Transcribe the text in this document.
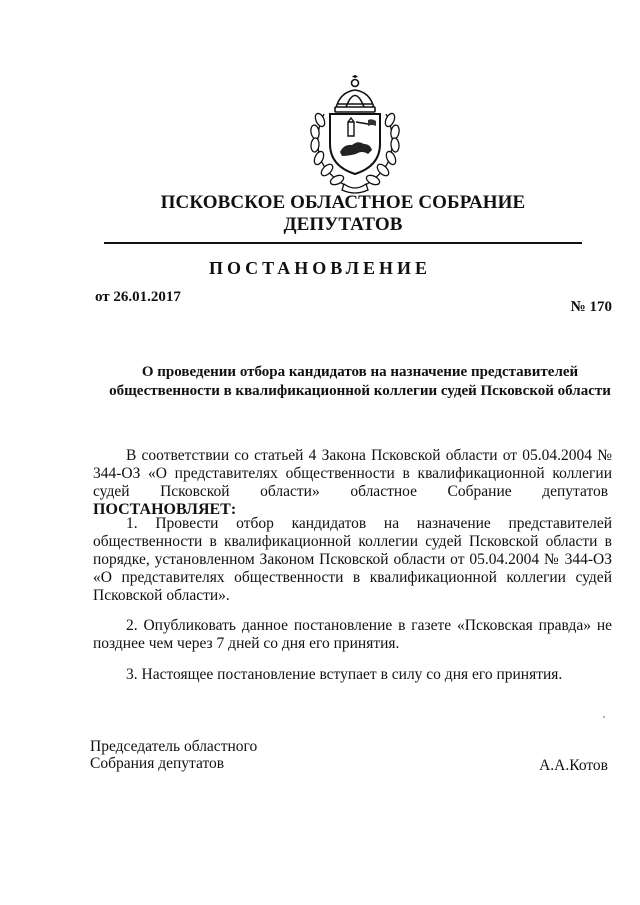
ПСКОВСКОЕ ОБЛАСТНОЕ СОБРАНИЕ ДЕПУТАТОВ
ПОСТАНОВЛЕНИЕ
от 26.01.2017
№ 170
О проведении отбора кандидатов на назначение представителей
общественности в квалификационной коллегии судей Псковской области
В соответствии со статьей 4 Закона Псковской области от 05.04.2004 № 344-ОЗ «О представителях общественности в квалификационной коллегии судей Псковской области» областное Собрание депутатов  ПОСТАНОВЛЯЕТ:
1. Провести отбор кандидатов на назначение представителей общественности в квалификационной коллегии судей Псковской области в порядке, установленном Законом Псковской области от 05.04.2004 № 344-ОЗ «О представителях общественности в квалификационной коллегии судей Псковской области».
2. Опубликовать данное постановление в газете «Псковская правда» не позднее чем через 7 дней со дня его принятия.
3. Настоящее постановление вступает в силу со дня его принятия.
Председатель областного
Собрания депутатов	А.А.Котов
